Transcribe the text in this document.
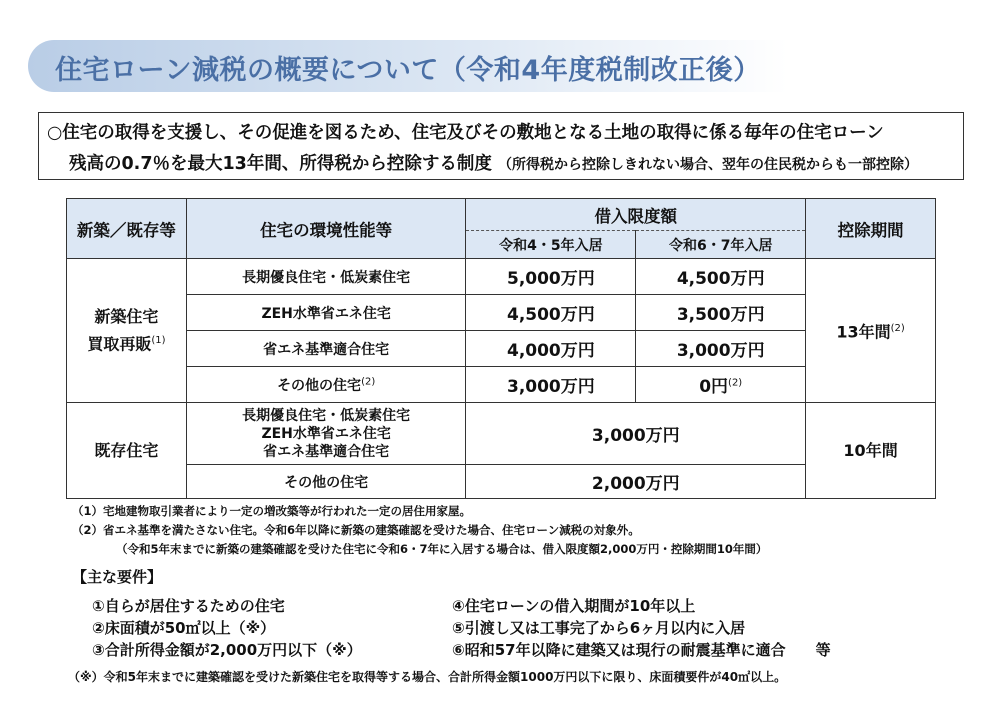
住宅ローン減税の概要について（令和4年度税制改正後）
○住宅の取得を支援し、その促進を図るため、住宅及びその敷地となる土地の取得に係る毎年の住宅ローン
残高の0.7％を最大13年間、所得税から控除する制度 （所得税から控除しきれない場合、翌年の住民税からも一部控除）
新築／既存等	住宅の環境性能等	借入限度額		控除期間
		令和4・5年入居	令和6・7年入居	
新築住宅
買取再販$^{(1)}$	長期優良住宅・低炭素住宅	5,000万円	4,500万円	13年間$^{(2)}$
	ZEH水準省エネ住宅	4,500万円	3,500万円	
	省エネ基準適合住宅	4,000万円	3,000万円	
	その他の住宅$^{(2)}$	3,000万円	0円$^{(2)}$
既存住宅	長期優良住宅・低炭素住宅
ZEH水準省エネ住宅
省エネ基準適合住宅	3,000万円		10年間
	その他の住宅	2,000万円		
（1）宅地建物取引業者により一定の増改築等が行われた一定の居住用家屋。
（2）省エネ基準を満たさない住宅。令和6年以降に新築の建築確認を受けた場合、住宅ローン減税の対象外。
（令和5年末までに新築の建築確認を受けた住宅に令和6・7年に入居する場合は、借入限度額2,000万円・控除期間10年間）
【主な要件】
①自らが居住するための住宅
②床面積が50㎡以上（※）
③合計所得金額が2,000万円以下（※）
④住宅ローンの借入期間が10年以上
⑤引渡し又は工事完了から6ヶ月以内に入居
⑥昭和57年以降に建築又は現行の耐震基準に適合　　等
（※）令和5年末までに建築確認を受けた新築住宅を取得等する場合、合計所得金額1000万円以下に限り、床面積要件が40㎡以上。
